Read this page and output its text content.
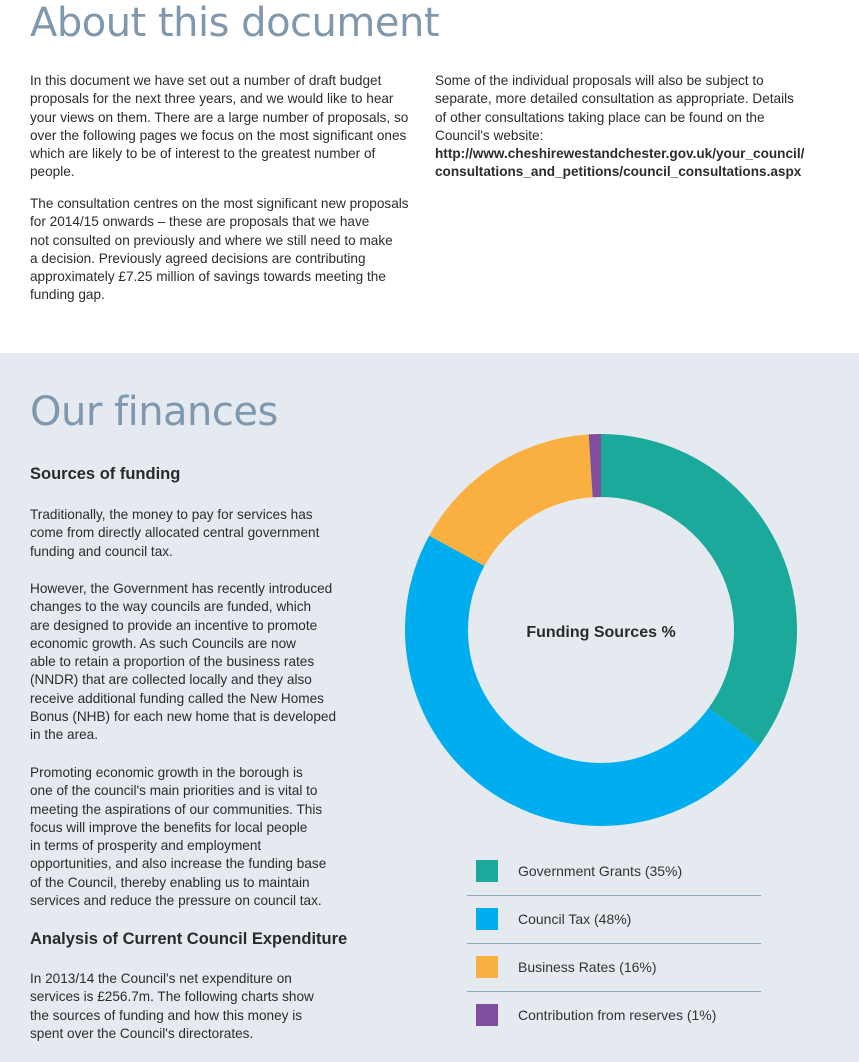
About this document
In this document we have set out a number of draft budget
proposals for the next three years, and we would like to hear
your views on them. There are a large number of proposals, so
over the following pages we focus on the most significant ones
which are likely to be of interest to the greatest number of
people.
The consultation centres on the most significant new proposals
for 2014/15 onwards – these are proposals that we have
not consulted on previously and where we still need to make
a decision. Previously agreed decisions are contributing
approximately £7.25 million of savings towards meeting the
funding gap.
Some of the individual proposals will also be subject to
separate, more detailed consultation as appropriate. Details
of other consultations taking place can be found on the
Council's website:
http://www.cheshirewestandchester.gov.uk/your_council/
consultations_and_petitions/council_consultations.aspx
Our finances
Sources of funding
Traditionally, the money to pay for services has
come from directly allocated central government
funding and council tax.
However, the Government has recently introduced
changes to the way councils are funded, which
are designed to provide an incentive to promote
economic growth. As such Councils are now
able to retain a proportion of the business rates
(NNDR) that are collected locally and they also
receive additional funding called the New Homes
Bonus (NHB) for each new home that is developed
in the area.
Promoting economic growth in the borough is
one of the council's main priorities and is vital to
meeting the aspirations of our communities. This
focus will improve the benefits for local people
in terms of prosperity and employment
opportunities, and also increase the funding base
of the Council, thereby enabling us to maintain
services and reduce the pressure on council tax.
Analysis of Current Council Expenditure
In 2013/14 the Council's net expenditure on
services is £256.7m. The following charts show
the sources of funding and how this money is
spent over the Council's directorates.
Funding Sources %
Government Grants (35%)
Council Tax (48%)
Business Rates (16%)
Contribution from reserves (1%)
